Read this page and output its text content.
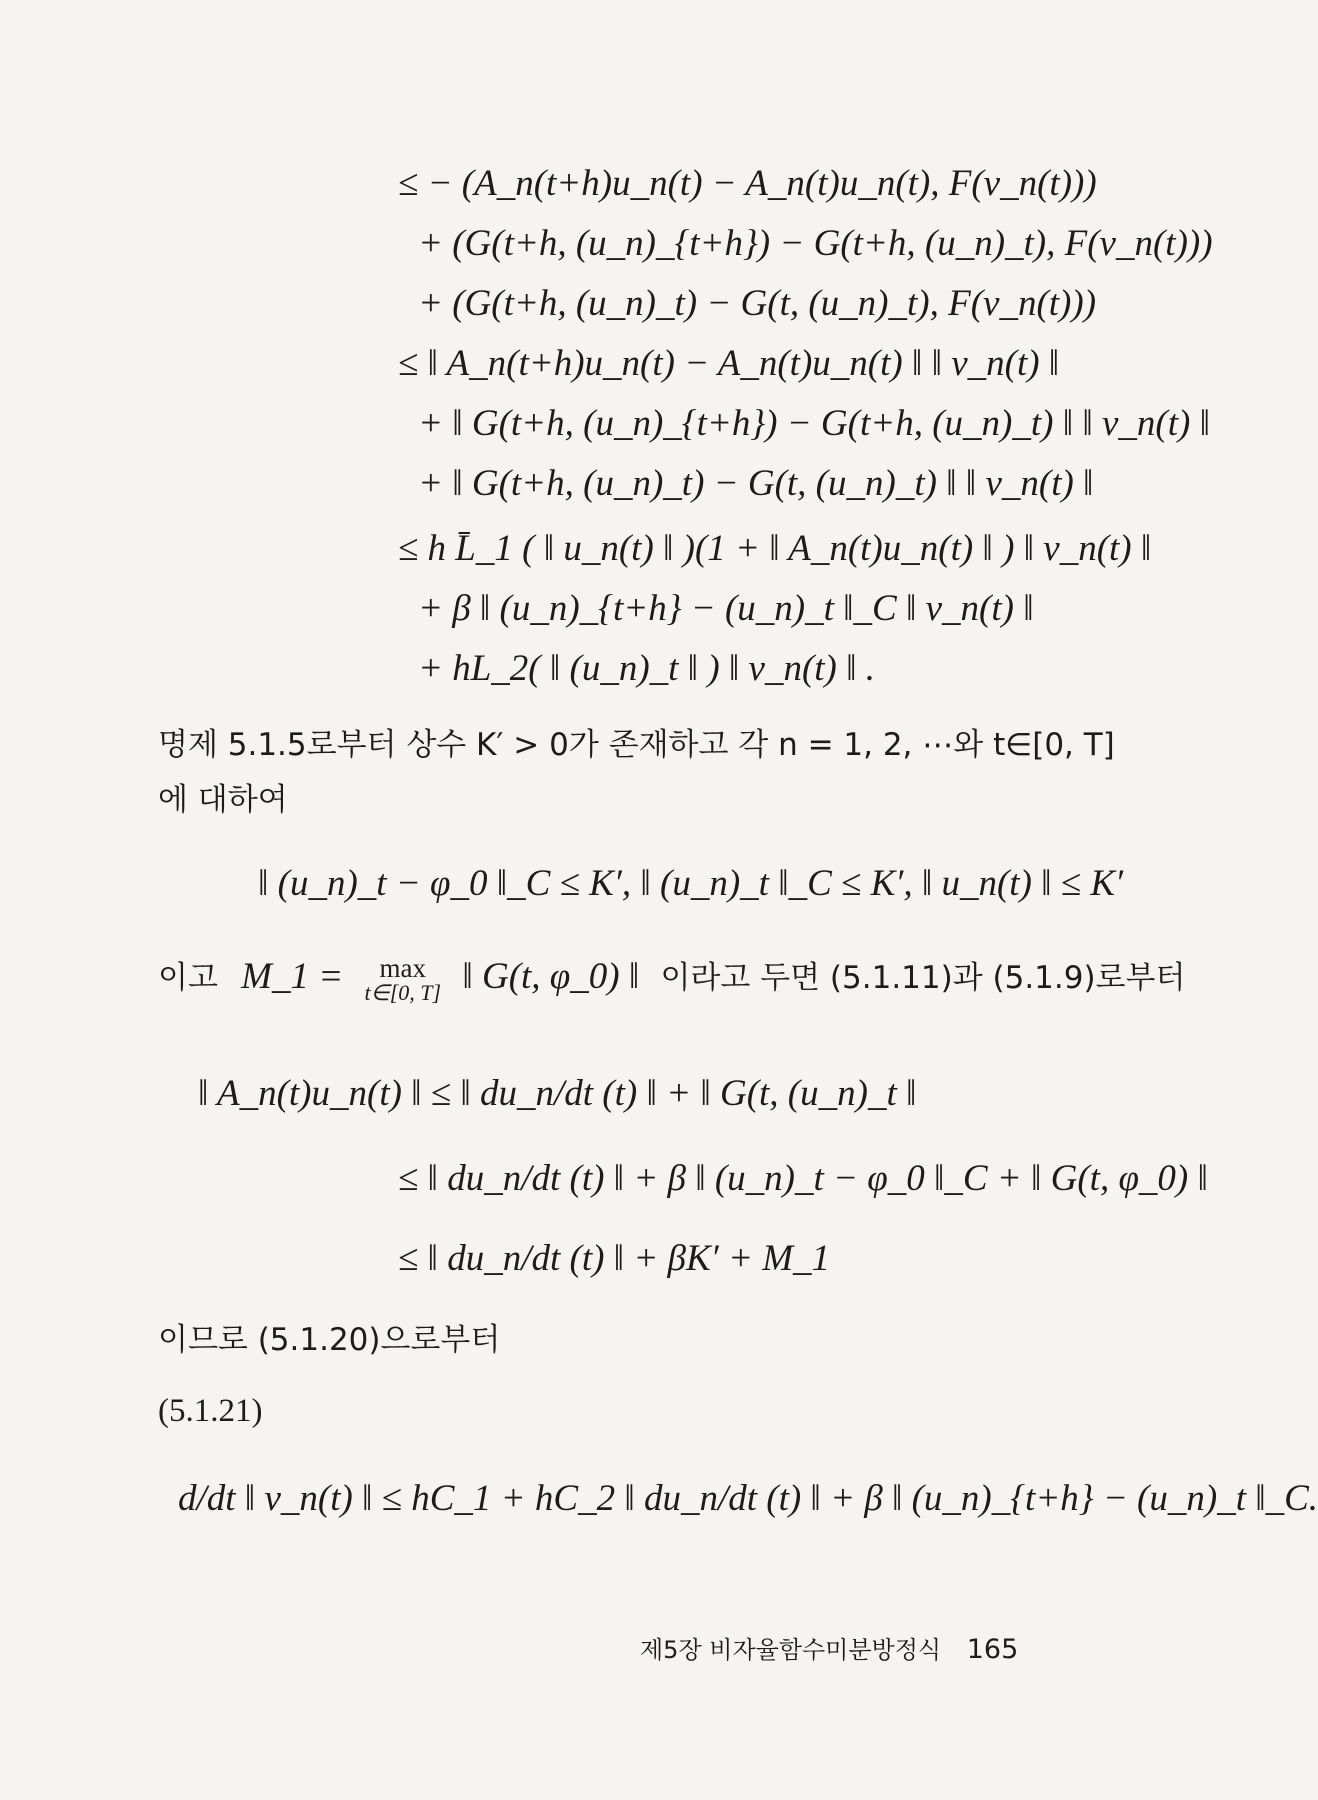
≤ − (A_n(t+h)u_n(t) − A_n(t)u_n(t), F(v_n(t)))
+ (G(t+h, (u_n)_{t+h}) − G(t+h, (u_n)_t), F(v_n(t)))
+ (G(t+h, (u_n)_t) − G(t, (u_n)_t), F(v_n(t)))
≤ ‖ A_n(t+h)u_n(t) − A_n(t)u_n(t) ‖ ‖ v_n(t) ‖
+ ‖ G(t+h, (u_n)_{t+h}) − G(t+h, (u_n)_t) ‖ ‖ v_n(t) ‖
+ ‖ G(t+h, (u_n)_t) − G(t, (u_n)_t) ‖ ‖ v_n(t) ‖
≤ h L̄_1 ( ‖ u_n(t) ‖ )(1 + ‖ A_n(t)u_n(t) ‖ ) ‖ v_n(t) ‖
+ β ‖ (u_n)_{t+h} − (u_n)_t ‖_C ‖ v_n(t) ‖
+ hL_2( ‖ (u_n)_t ‖ ) ‖ v_n(t) ‖ .
명제 5.1.5로부터 상수 K′ > 0가 존재하고 각 n = 1, 2, ⋯와 t∈[0, T]
에 대하여
‖ (u_n)_t − φ_0 ‖_C ≤ K′, ‖ (u_n)_t ‖_C ≤ K′, ‖ u_n(t) ‖ ≤ K′
이고 M_1 =	max
t∈[0, T] ‖ G(t, φ_0) ‖ 이라고 두면 (5.1.11)과 (5.1.9)로부터
‖ A_n(t)u_n(t) ‖ ≤ ‖ du_n/dt (t) ‖ + ‖ G(t, (u_n)_t ‖
≤ ‖ du_n/dt (t) ‖ + β ‖ (u_n)_t − φ_0 ‖_C + ‖ G(t, φ_0) ‖
≤ ‖ du_n/dt (t) ‖ + βK′ + M_1
이므로 (5.1.20)으로부터
(5.1.21)
d/dt ‖ v_n(t) ‖ ≤ hC_1 + hC_2 ‖ du_n/dt (t) ‖ + β ‖ (u_n)_{t+h} − (u_n)_t ‖_C.
제5장 비자율함수미분방정식 165
